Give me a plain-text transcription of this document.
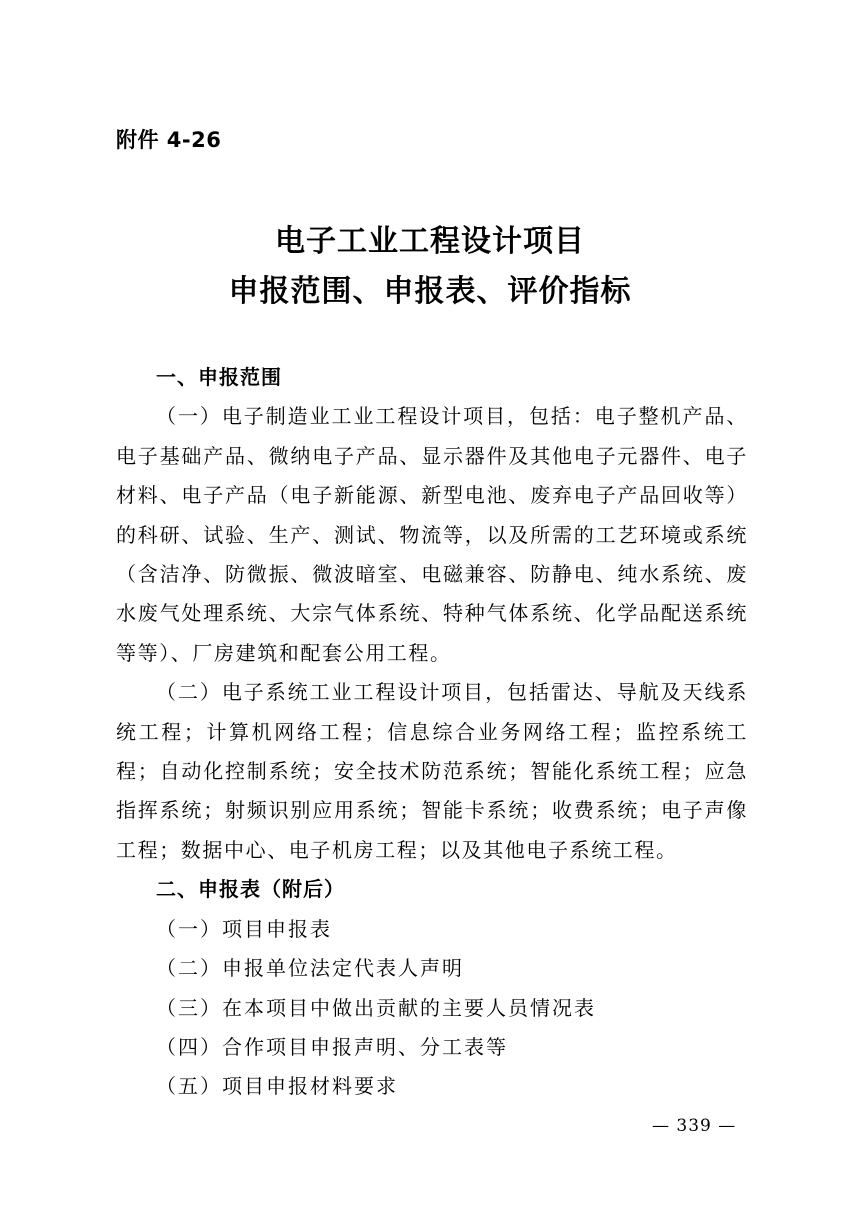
附件 4-26
电子工业工程设计项目
申报范围、申报表、评价指标

一、申报范围

（一）电子制造业工业工程设计项目，包括：电子整机产品、电子基础产品、微纳电子产品、显示器件及其他电子元器件、电子材料、电子产品（电子新能源、新型电池、废弃电子产品回收等）的科研、试验、生产、测试、物流等，以及所需的工艺环境或系统（含洁净、防微振、微波暗室、电磁兼容、防静电、纯水系统、废水废气处理系统、大宗气体系统、特种气体系统、化学品配送系统等等）、厂房建筑和配套公用工程。

（二）电子系统工业工程设计项目，包括雷达、导航及天线系统工程；计算机网络工程；信息综合业务网络工程；监控系统工程；自动化控制系统；安全技术防范系统；智能化系统工程；应急指挥系统；射频识别应用系统；智能卡系统；收费系统；电子声像工程；数据中心、电子机房工程；以及其他电子系统工程。

二、申报表（附后）

（一）项目申报表

（二）申报单位法定代表人声明

（三）在本项目中做出贡献的主要人员情况表

（四）合作项目申报声明、分工表等

（五）项目申报材料要求

— 339 —
